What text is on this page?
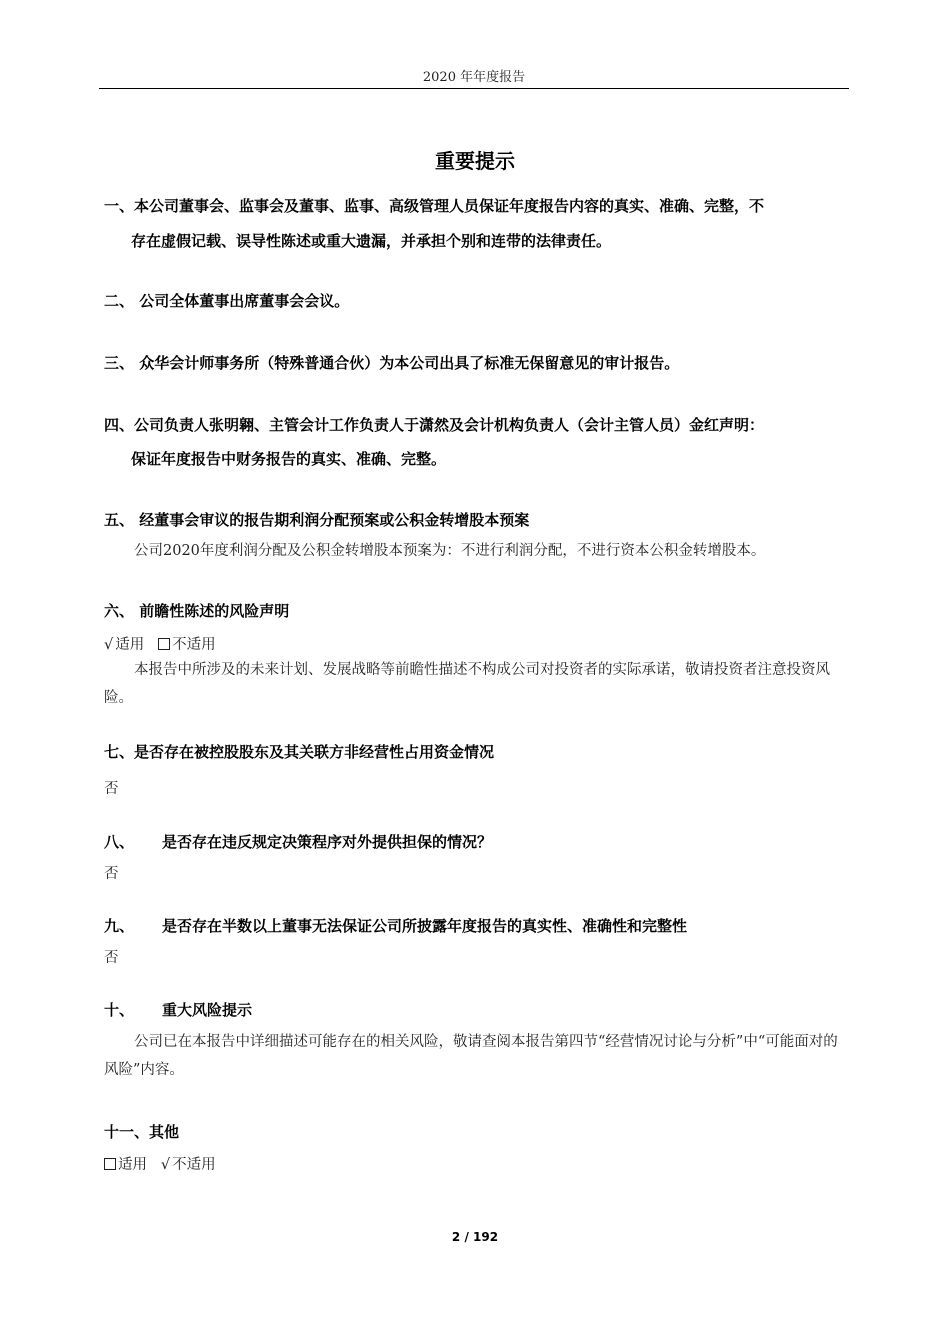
2020 年年度报告
重要提示
一、本公司董事会、监事会及董事、监事、高级管理人员保证年度报告内容的真实、准确、完整，不
存在虚假记载、误导性陈述或重大遗漏，并承担个别和连带的法律责任。
二、 公司全体董事出席董事会会议。
三、 众华会计师事务所（特殊普通合伙）为本公司出具了标准无保留意见的审计报告。
四、公司负责人张明翱、主管会计工作负责人于潇然及会计机构负责人（会计主管人员）金红声明：
保证年度报告中财务报告的真实、准确、完整。
五、 经董事会审议的报告期利润分配预案或公积金转增股本预案
公司2020年度利润分配及公积金转增股本预案为：不进行利润分配，不进行资本公积金转增股本。
六、 前瞻性陈述的风险声明
√ 适用 不适用
本报告中所涉及的未来计划、发展战略等前瞻性描述不构成公司对投资者的实际承诺，敬请投资者注意投资风险。
七、是否存在被控股股东及其关联方非经营性占用资金情况
否
八、 是否存在违反规定决策程序对外提供担保的情况？
否
九、 是否存在半数以上董事无法保证公司所披露年度报告的真实性、准确性和完整性
否
十、 重大风险提示
公司已在本报告中详细描述可能存在的相关风险，敬请查阅本报告第四节“经营情况讨论与分析”中“可能面对的风险”内容。
十一、其他
适用 √ 不适用
2 / 192
